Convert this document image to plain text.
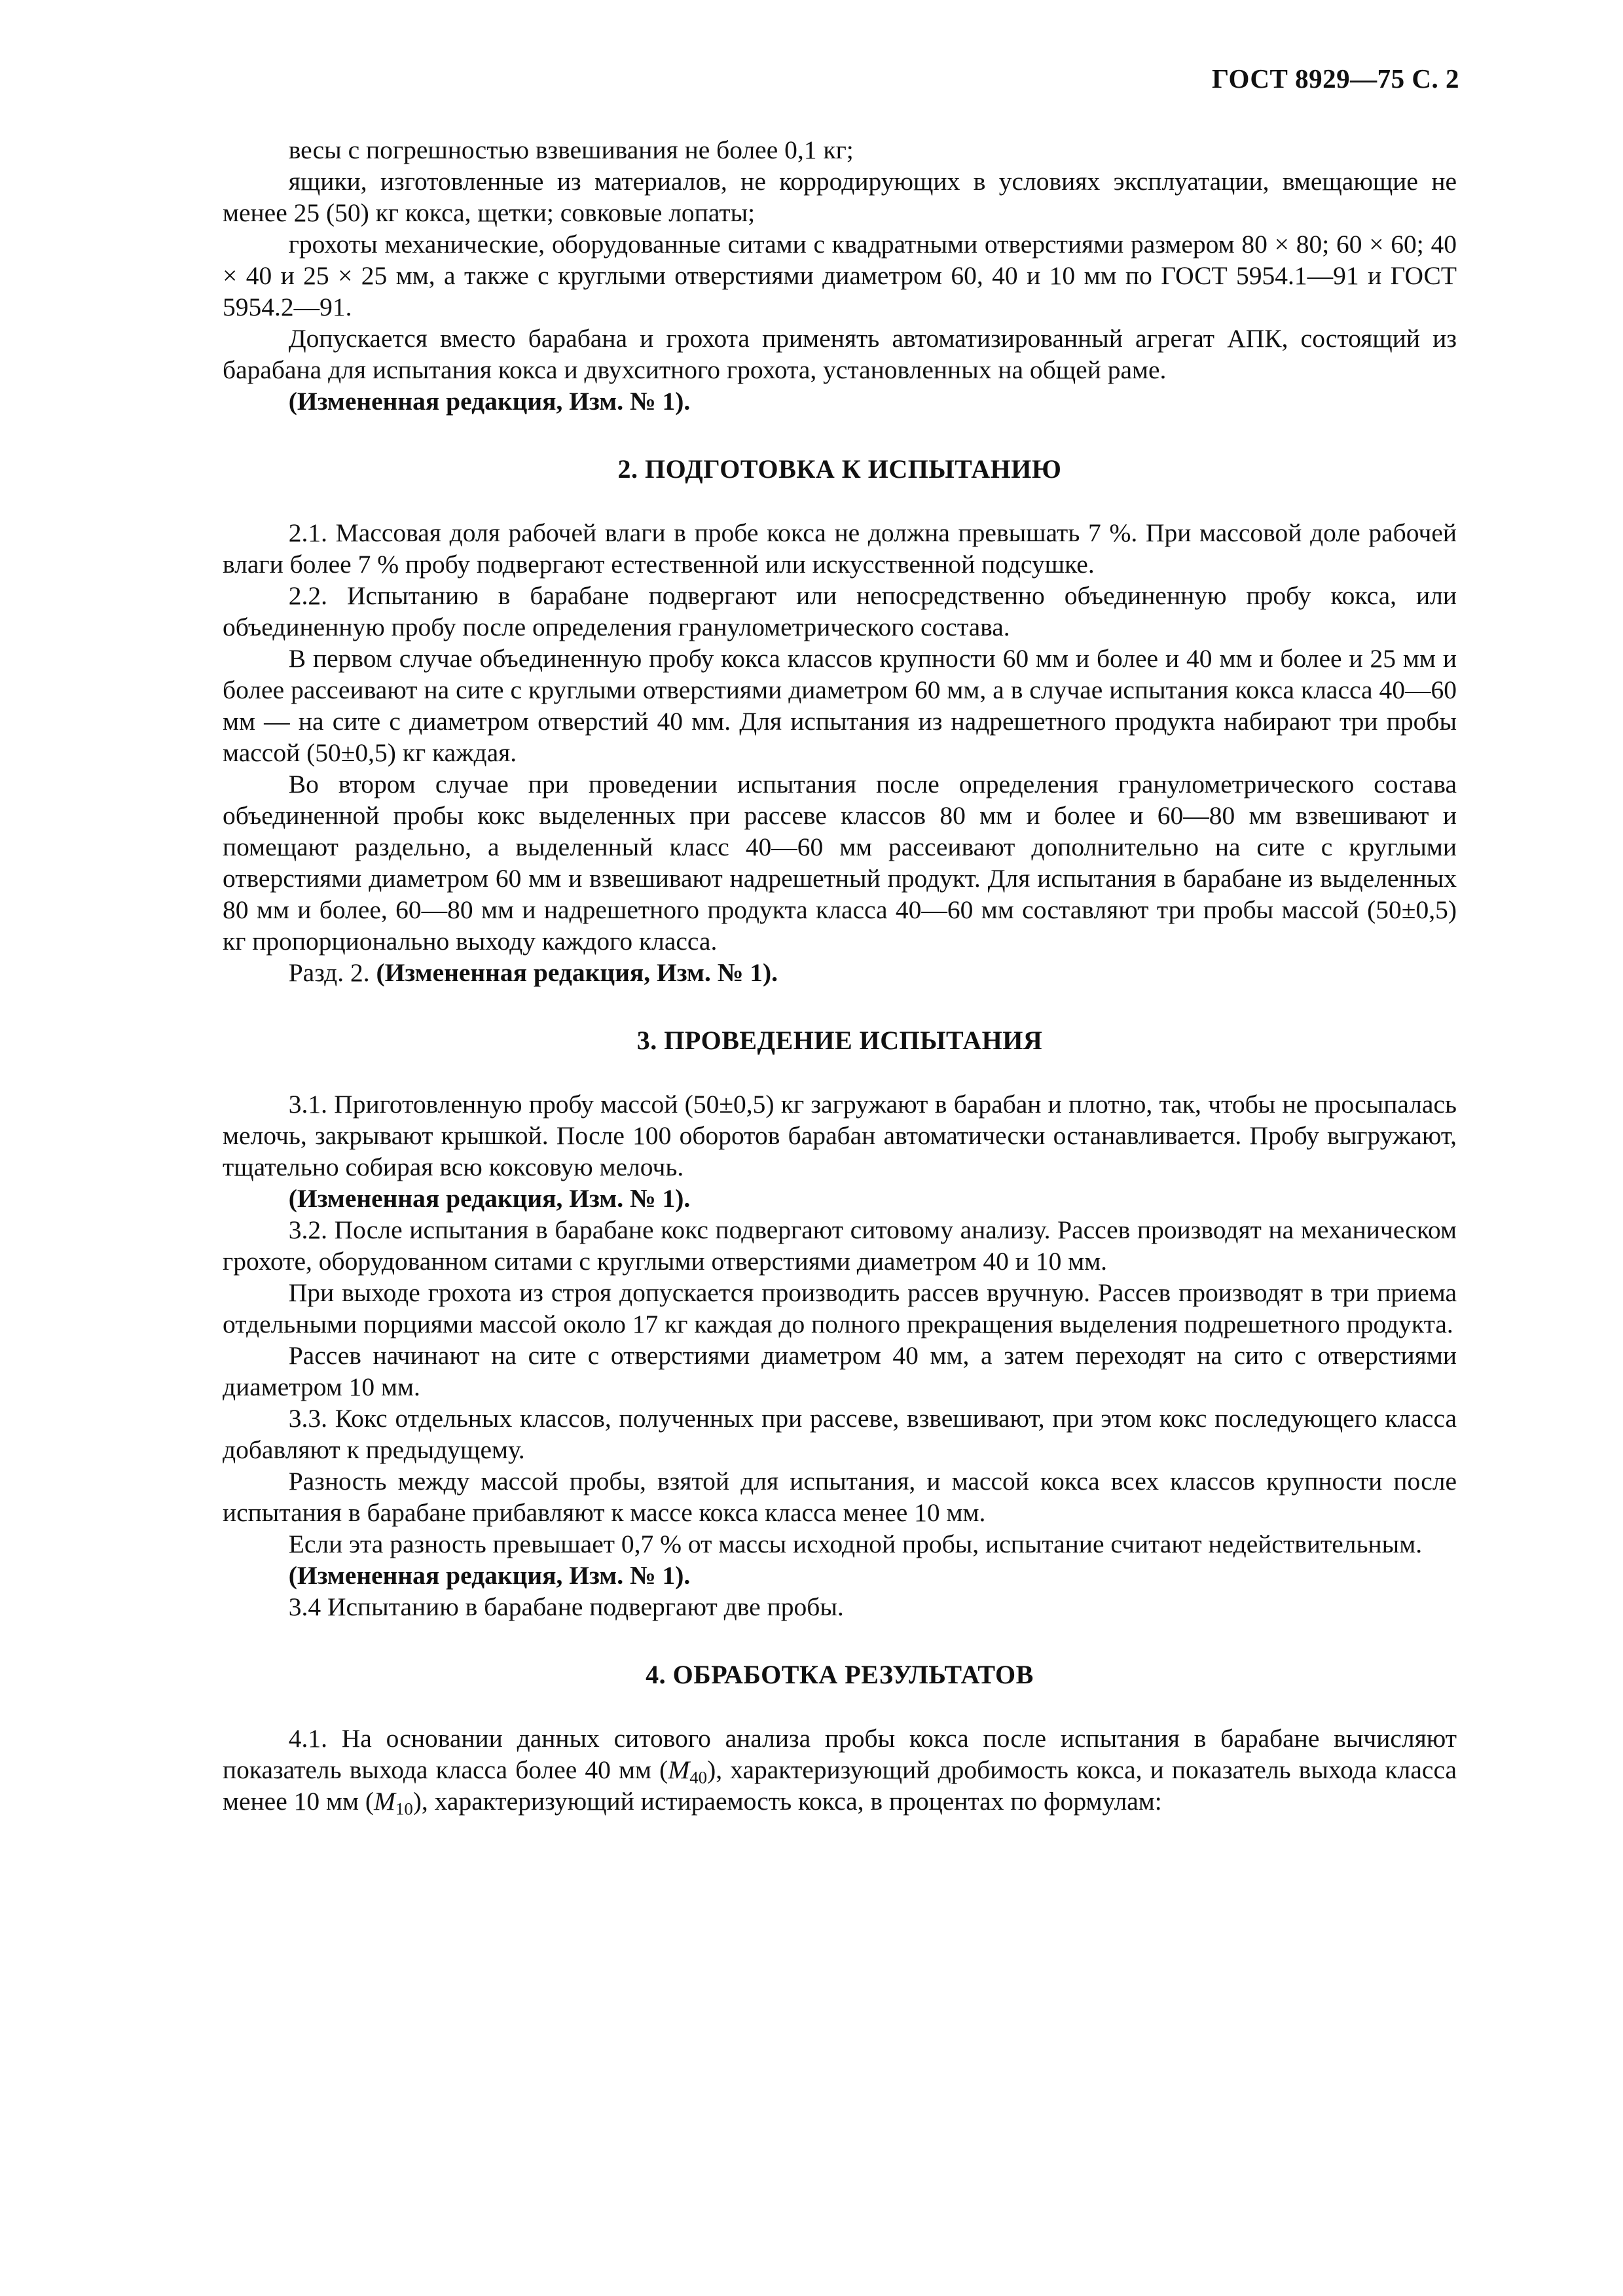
ГОСТ 8929—75 С. 2

весы с погрешностью взвешивания не более 0,1 кг;

ящики, изготовленные из материалов, не корродирующих в условиях эксплуатации, вмещающие не менее 25 (50) кг кокса, щетки; совковые лопаты;

грохоты механические, оборудованные ситами с квадратными отверстиями размером 80 × 80; 60 × 60; 40 × 40 и 25 × 25 мм, а также с круглыми отверстиями диаметром 60, 40 и 10 мм по ГОСТ 5954.1—91 и ГОСТ 5954.2—91.

Допускается вместо барабана и грохота применять автоматизированный агрегат АПК, состоящий из барабана для испытания кокса и двухситного грохота, установленных на общей раме.

(Измененная редакция, Изм. № 1).

2. ПОДГОТОВКА К ИСПЫТАНИЮ

2.1. Массовая доля рабочей влаги в пробе кокса не должна превышать 7 %. При массовой доле рабочей влаги более 7 % пробу подвергают естественной или искусственной подсушке.

2.2. Испытанию в барабане подвергают или непосредственно объединенную пробу кокса, или объединенную пробу после определения гранулометрического состава.

В первом случае объединенную пробу кокса классов крупности 60 мм и более и 40 мм и более и 25 мм и более рассеивают на сите с круглыми отверстиями диаметром 60 мм, а в случае испытания кокса класса 40—60 мм — на сите с диаметром отверстий 40 мм. Для испытания из надрешетного продукта набирают три пробы массой (50±0,5) кг каждая.

Во втором случае при проведении испытания после определения гранулометрического состава объединенной пробы кокс выделенных при рассеве классов 80 мм и более и 60—80 мм взвешивают и помещают раздельно, а выделенный класс 40—60 мм рассеивают дополнительно на сите с круглыми отверстиями диаметром 60 мм и взвешивают надрешетный продукт. Для испытания в барабане из выделенных 80 мм и более, 60—80 мм и надрешетного продукта класса 40—60 мм составляют три пробы массой (50±0,5) кг пропорционально выходу каждого класса.

Разд. 2. (Измененная редакция, Изм. № 1).

3. ПРОВЕДЕНИЕ ИСПЫТАНИЯ

3.1. Приготовленную пробу массой (50±0,5) кг загружают в барабан и плотно, так, чтобы не просыпалась мелочь, закрывают крышкой. После 100 оборотов барабан автоматически останавливается. Пробу выгружают, тщательно собирая всю коксовую мелочь.

(Измененная редакция, Изм. № 1).

3.2. После испытания в барабане кокс подвергают ситовому анализу. Рассев производят на механическом грохоте, оборудованном ситами с круглыми отверстиями диаметром 40 и 10 мм.

При выходе грохота из строя допускается производить рассев вручную. Рассев производят в три приема отдельными порциями массой около 17 кг каждая до полного прекращения выделения подрешетного продукта.

Рассев начинают на сите с отверстиями диаметром 40 мм, а затем переходят на сито с отверстиями диаметром 10 мм.

3.3. Кокс отдельных классов, полученных при рассеве, взвешивают, при этом кокс последующего класса добавляют к предыдущему.

Разность между массой пробы, взятой для испытания, и массой кокса всех классов крупности после испытания в барабане прибавляют к массе кокса класса менее 10 мм.

Если эта разность превышает 0,7 % от массы исходной пробы, испытание считают недействительным.

(Измененная редакция, Изм. № 1).

3.4 Испытанию в барабане подвергают две пробы.

4. ОБРАБОТКА РЕЗУЛЬТАТОВ

4.1. На основании данных ситового анализа пробы кокса после испытания в барабане вычисляют показатель выхода класса более 40 мм $(M_{40})$, характеризующий дробимость кокса, и показатель выхода класса менее 10 мм $(M_{10})$, характеризующий истираемость кокса, в процентах по формулам:
